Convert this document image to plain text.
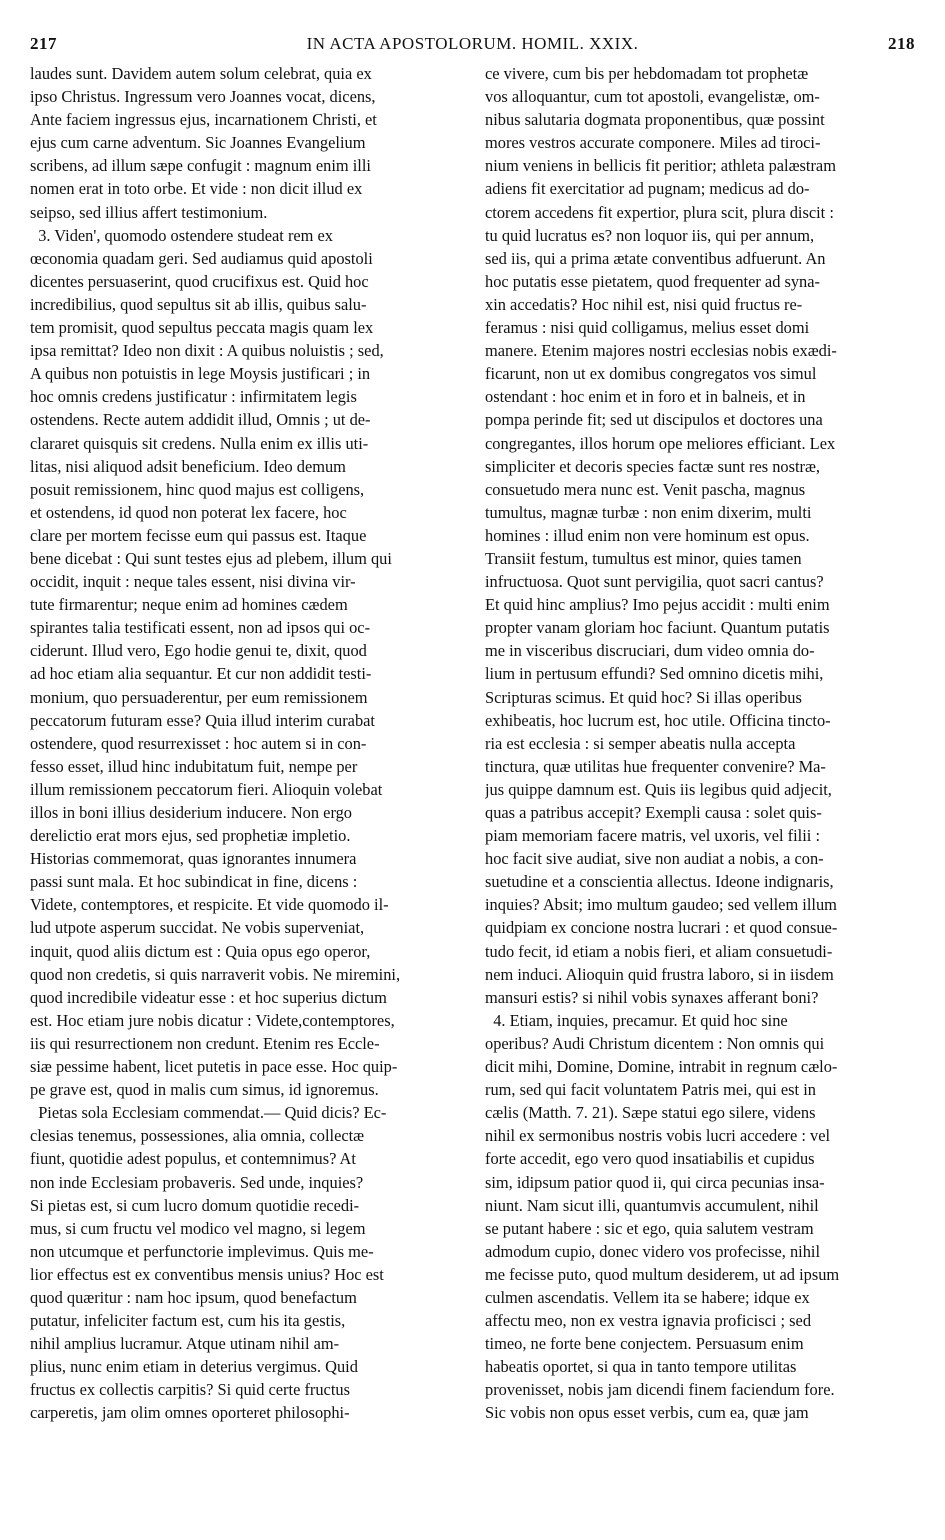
217	IN ACTA APOSTOLORUM. HOMIL. XXIX.	218
laudes sunt. Davidem autem solum celebrat, quia ex
ipso Christus. Ingressum vero Joannes vocat, dicens,
Ante faciem ingressus ejus, incarnationem Christi, et
ejus cum carne adventum. Sic Joannes Evangelium
scribens, ad illum sæpe confugit : magnum enim illi
nomen erat in toto orbe. Et vide : non dicit illud ex
seipso, sed illius affert testimonium.
3. Viden', quomodo ostendere studeat rem ex
œconomia quadam geri. Sed audiamus quid apostoli
dicentes persuaserint, quod crucifixus est. Quid hoc
incredibilius, quod sepultus sit ab illis, quibus salu-
tem promisit, quod sepultus peccata magis quam lex
ipsa remittat? Ideo non dixit : A quibus noluistis ; sed,
A quibus non potuistis in lege Moysis justificari ; in
hoc omnis credens justificatur : infirmitatem legis
ostendens. Recte autem addidit illud, Omnis ; ut de-
clararet quisquis sit credens. Nulla enim ex illis uti-
litas, nisi aliquod adsit beneficium. Ideo demum
posuit remissionem, hinc quod majus est colligens,
et ostendens, id quod non poterat lex facere, hoc
clare per mortem fecisse eum qui passus est. Itaque
bene dicebat : Qui sunt testes ejus ad plebem, illum qui
occidit, inquit : neque tales essent, nisi divina vir-
tute firmarentur; neque enim ad homines cædem
spirantes talia testificati essent, non ad ipsos qui oc-
ciderunt. Illud vero, Ego hodie genui te, dixit, quod
ad hoc etiam alia sequantur. Et cur non addidit testi-
monium, quo persuaderentur, per eum remissionem
peccatorum futuram esse? Quia illud interim curabat
ostendere, quod resurrexisset : hoc autem si in con-
fesso esset, illud hinc indubitatum fuit, nempe per
illum remissionem peccatorum fieri. Alioquin volebat
illos in boni illius desiderium inducere. Non ergo
derelictio erat mors ejus, sed prophetiæ impletio.
Historias commemorat, quas ignorantes innumera
passi sunt mala. Et hoc subindicat in fine, dicens :
Videte, contemptores, et respicite. Et vide quomodo il-
lud utpote asperum succidat. Ne vobis superveniat,
inquit, quod aliis dictum est : Quia opus ego operor,
quod non credetis, si quis narraverit vobis. Ne miremini,
quod incredibile videatur esse : et hoc superius dictum
est. Hoc etiam jure nobis dicatur : Videte,contemptores,
iis qui resurrectionem non credunt. Etenim res Eccle-
siæ pessime habent, licet putetis in pace esse. Hoc quip-
pe grave est, quod in malis cum simus, id ignoremus.
Pietas sola Ecclesiam commendat.— Quid dicis? Ec-
clesias tenemus, possessiones, alia omnia, collectæ
fiunt, quotidie adest populus, et contemnimus? At
non inde Ecclesiam probaveris. Sed unde, inquies?
Si pietas est, si cum lucro domum quotidie recedi-
mus, si cum fructu vel modico vel magno, si legem
non utcumque et perfunctorie implevimus. Quis me-
lior effectus est ex conventibus mensis unius? Hoc est
quod quæritur : nam hoc ipsum, quod benefactum
putatur, infeliciter factum est, cum his ita gestis,
nihil amplius lucramur. Atque utinam nihil am-
plius, nunc enim etiam in deterius vergimus. Quid
fructus ex collectis carpitis? Si quid certe fructus
carperetis, jam olim omnes oporteret philosophi-
ce vivere, cum bis per hebdomadam tot prophetæ
vos alloquantur, cum tot apostoli, evangelistæ, om-
nibus salutaria dogmata proponentibus, quæ possint
mores vestros accurate componere. Miles ad tiroci-
nium veniens in bellicis fit peritior; athleta palæstram
adiens fit exercitatior ad pugnam; medicus ad do-
ctorem accedens fit expertior, plura scit, plura discit :
tu quid lucratus es? non loquor iis, qui per annum,
sed iis, qui a prima ætate conventibus adfuerunt. An
hoc putatis esse pietatem, quod frequenter ad syna-
xin accedatis? Hoc nihil est, nisi quid fructus re-
feramus : nisi quid colligamus, melius esset domi
manere. Etenim majores nostri ecclesias nobis exædi-
ficarunt, non ut ex domibus congregatos vos simul
ostendant : hoc enim et in foro et in balneis, et in
pompa perinde fit; sed ut discipulos et doctores una
congregantes, illos horum ope meliores efficiant. Lex
simpliciter et decoris species factæ sunt res nostræ,
consuetudo mera nunc est. Venit pascha, magnus
tumultus, magnæ turbæ : non enim dixerim, multi
homines : illud enim non vere hominum est opus.
Transiit festum, tumultus est minor, quies tamen
infructuosa. Quot sunt pervigilia, quot sacri cantus?
Et quid hinc amplius? Imo pejus accidit : multi enim
propter vanam gloriam hoc faciunt. Quantum putatis
me in visceribus discruciari, dum video omnia do-
lium in pertusum effundi? Sed omnino dicetis mihi,
Scripturas scimus. Et quid hoc? Si illas operibus
exhibeatis, hoc lucrum est, hoc utile. Officina tincto-
ria est ecclesia : si semper abeatis nulla accepta
tinctura, quæ utilitas hue frequenter convenire? Ma-
jus quippe damnum est. Quis iis legibus quid adjecit,
quas a patribus accepit? Exempli causa : solet quis-
piam memoriam facere matris, vel uxoris, vel filii :
hoc facit sive audiat, sive non audiat a nobis, a con-
suetudine et a conscientia allectus. Ideone indignaris,
inquies? Absit; imo multum gaudeo; sed vellem illum
quidpiam ex concione nostra lucrari : et quod consue-
tudo fecit, id etiam a nobis fieri, et aliam consuetudi-
nem induci. Alioquin quid frustra laboro, si in iisdem
mansuri estis? si nihil vobis synaxes afferant boni?
4. Etiam, inquies, precamur. Et quid hoc sine
operibus? Audi Christum dicentem : Non omnis qui
dicit mihi, Domine, Domine, intrabit in regnum cælo-
rum, sed qui facit voluntatem Patris mei, qui est in
cælis (Matth. 7. 21). Sæpe statui ego silere, videns
nihil ex sermonibus nostris vobis lucri accedere : vel
forte accedit, ego vero quod insatiabilis et cupidus
sim, idipsum patior quod ii, qui circa pecunias insa-
niunt. Nam sicut illi, quantumvis accumulent, nihil
se putant habere : sic et ego, quia salutem vestram
admodum cupio, donec videro vos profecisse, nihil
me fecisse puto, quod multum desiderem, ut ad ipsum
culmen ascendatis. Vellem ita se habere; idque ex
affectu meo, non ex vestra ignavia proficisci ; sed
timeo, ne forte bene conjectem. Persuasum enim
habeatis oportet, si qua in tanto tempore utilitas
provenisset, nobis jam dicendi finem faciendum fore.
Sic vobis non opus esset verbis, cum ea, quæ jam
